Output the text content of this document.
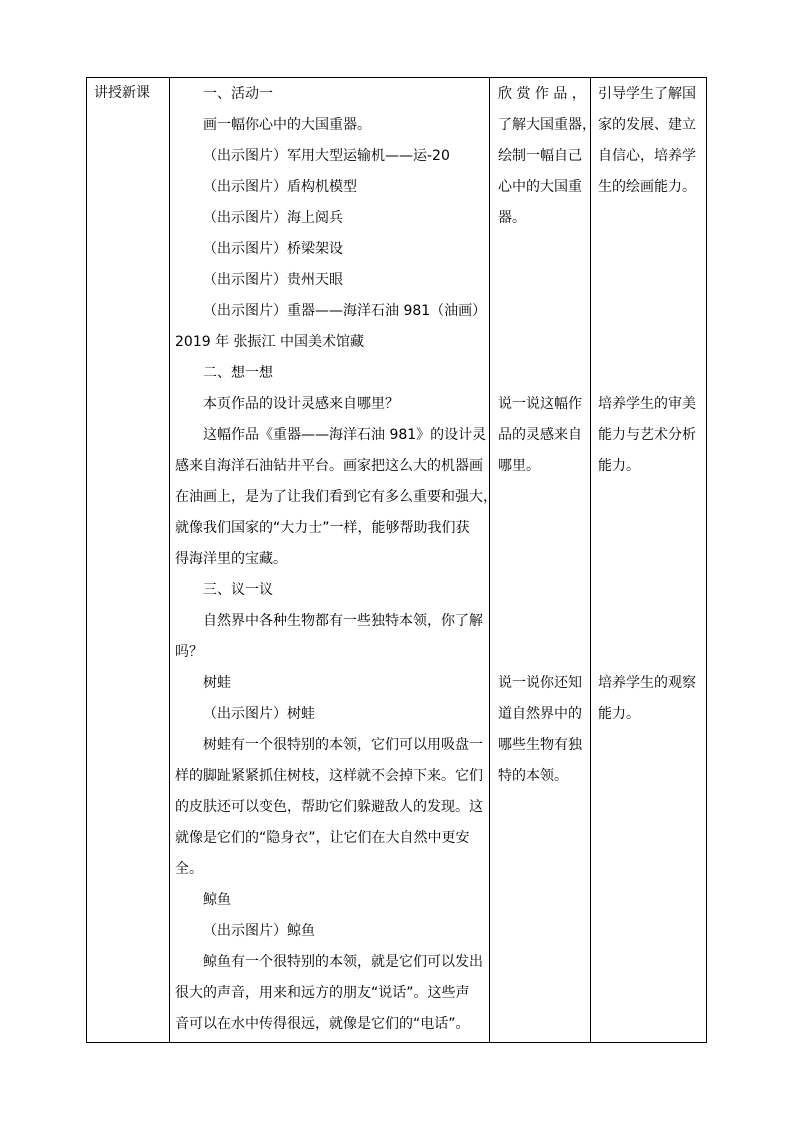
讲授新课	一、活动一
画一幅你心中的大国重器。
（出示图片）军用大型运输机——运-20
（出示图片）盾构机模型
（出示图片）海上阅兵
（出示图片）桥梁架设
（出示图片）贵州天眼
（出示图片）重器——海洋石油 981（油画）
2019 年 张振江 中国美术馆藏
二、想一想
本页作品的设计灵感来自哪里？
这幅作品《重器——海洋石油 981》的设计灵
感来自海洋石油钻井平台。画家把这么大的机器画
在油画上，是为了让我们看到它有多么重要和强大，
就像我们国家的“大力士”一样，能够帮助我们获
得海洋里的宝藏。
三、议一议
自然界中各种生物都有一些独特本领，你了解
吗？
树蛙
（出示图片）树蛙
树蛙有一个很特别的本领，它们可以用吸盘一
样的脚趾紧紧抓住树枝，这样就不会掉下来。它们
的皮肤还可以变色，帮助它们躲避敌人的发现。这
就像是它们的“隐身衣”，让它们在大自然中更安
全。
鲸鱼
（出示图片）鲸鱼
鲸鱼有一个很特别的本领，就是它们可以发出
很大的声音，用来和远方的朋友“说话”。这些声
音可以在水中传得很远，就像是它们的“电话”。
欣 赏 作 品 ，
了解大国重器，
绘制一幅自己
心中的大国重
器。
说一说这幅作
品的灵感来自
哪里。
说一说你还知
道自然界中的
哪些生物有独
特的本领。
引导学生了解国
家的发展、建立
自信心，培养学
生的绘画能力。
培养学生的审美
能力与艺术分析
能力。
培养学生的观察
能力。
